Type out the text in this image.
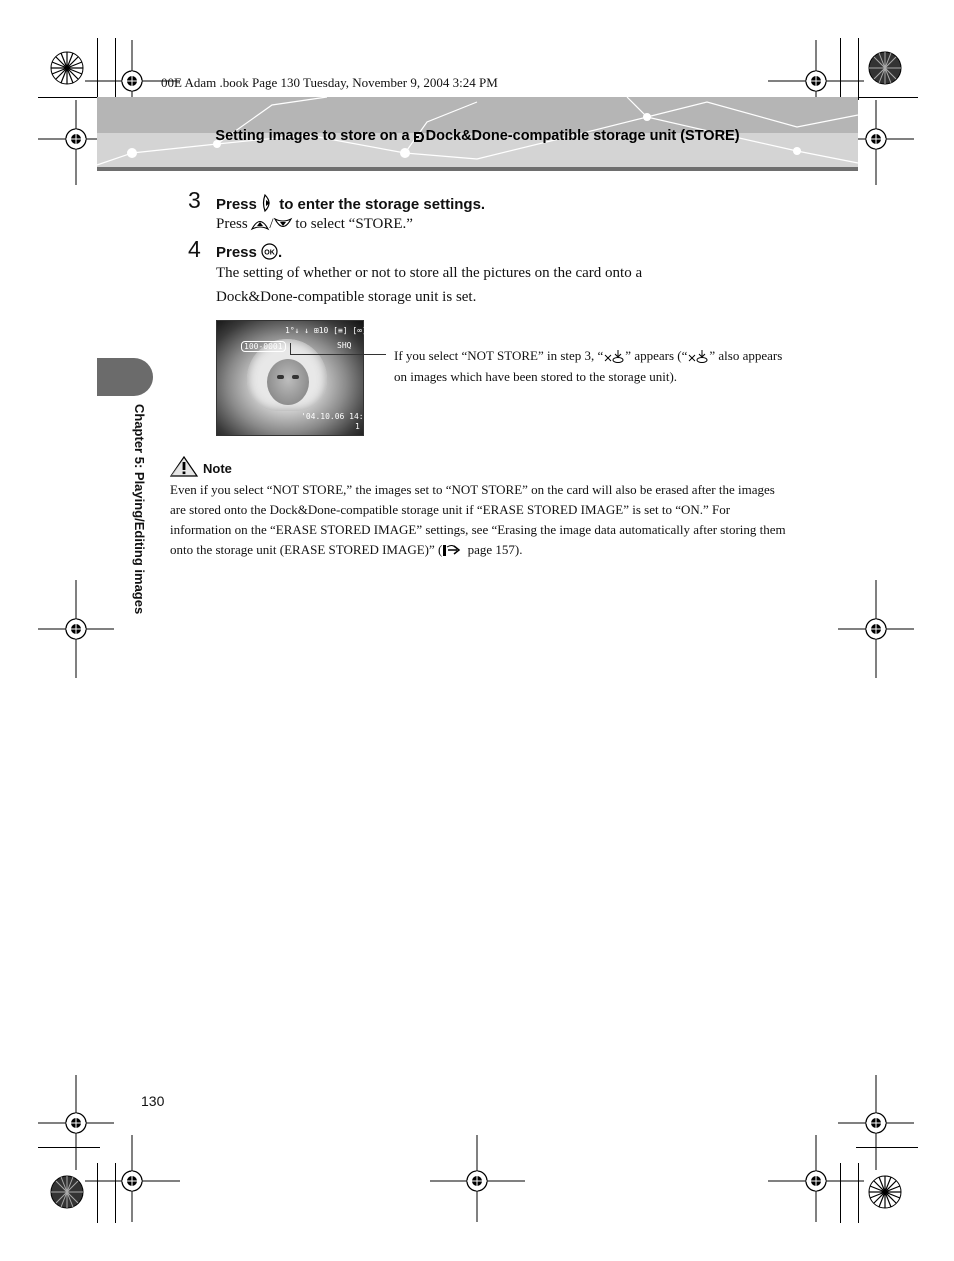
00E Adam .book Page 130 Tuesday, November 9, 2004 3:24 PM
Setting images to store on a Dock&Done-compatible storage unit (STORE)
Chapter 5: Playing/Editing images
3 Press  to enter the storage settings.
Press / to select “STORE.”
4 Press OK .
The setting of whether or not to store all the pictures on the card onto a
Dock&Done-compatible storage unit is set.
1°↓ ↓ ⊞10 [≡] [∞]
100-0001	SHQ
'04.10.06 14:30
1
If you select “NOT STORE” in step 3, “ ” appears (“ ” also appears on images which have been stored to the storage unit).
Note
Even if you select “NOT STORE,” the images set to “NOT STORE” on the card will also be erased after the images are stored onto the Dock&Done-compatible storage unit if “ERASE STORED IMAGE” is set to “ON.” For information on the “ERASE STORED IMAGE” settings, see “Erasing the image data automatically after storing them onto the storage unit (ERASE STORED IMAGE)” ( page 157).
130
